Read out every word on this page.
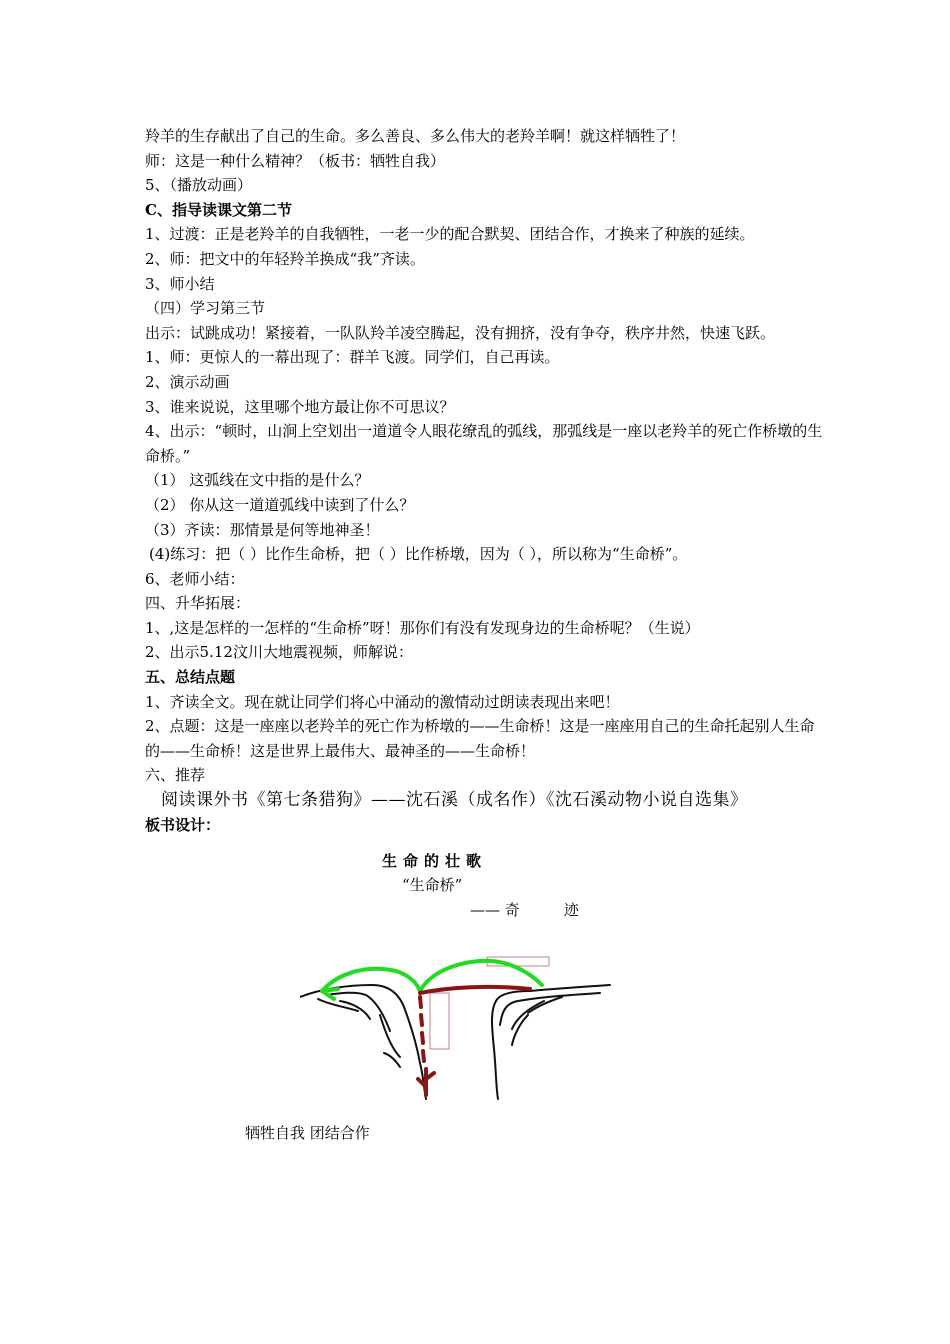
羚羊的生存献出了自己的生命。多么善良、多么伟大的老羚羊啊！就这样牺牲了！
师：这是一种什么精神？（板书：牺牲自我）
5、（播放动画）
C、指导读课文第二节
1、过渡：正是老羚羊的自我牺牲，一老一少的配合默契、团结合作，才换来了种族的延续。
2、师：把文中的年轻羚羊换成“我”齐读。
3、师小结
（四）学习第三节
出示：试跳成功！紧接着，一队队羚羊凌空腾起，没有拥挤，没有争夺，秩序井然，快速飞跃。
1、师：更惊人的一幕出现了：群羊飞渡。同学们，自己再读。
2、演示动画
3、谁来说说，这里哪个地方最让你不可思议？
4、出示：“顿时，山涧上空划出一道道令人眼花缭乱的弧线，那弧线是一座以老羚羊的死亡作桥墩的生命桥。”
（1） 这弧线在文中指的是什么？
（2） 你从这一道道弧线中读到了什么？
（3）齐读：那情景是何等地神圣！
(4)练习：把（ ）比作生命桥，把（ ）比作桥墩，因为（ ），所以称为“生命桥”。
6、老师小结：
四、升华拓展：
1、,这是怎样的一怎样的“生命桥”呀！那你们有没有发现身边的生命桥呢？（生说）
2、出示5.12汶川大地震视频，师解说：
五、总结点题
1、齐读全文。现在就让同学们将心中涌动的激情动过朗读表现出来吧！
2、点题：这是一座座以老羚羊的死亡作为桥墩的——生命桥！这是一座座用自己的生命托起别人生命的——生命桥！这是世界上最伟大、最神圣的——生命桥！
六、推荐
阅读课外书《第七条猎狗》——沈石溪（成名作）《沈石溪动物小说自选集》
板书设计：
生命的壮歌
“生命桥”
—— 奇	迹
牺牲自我 团结合作
